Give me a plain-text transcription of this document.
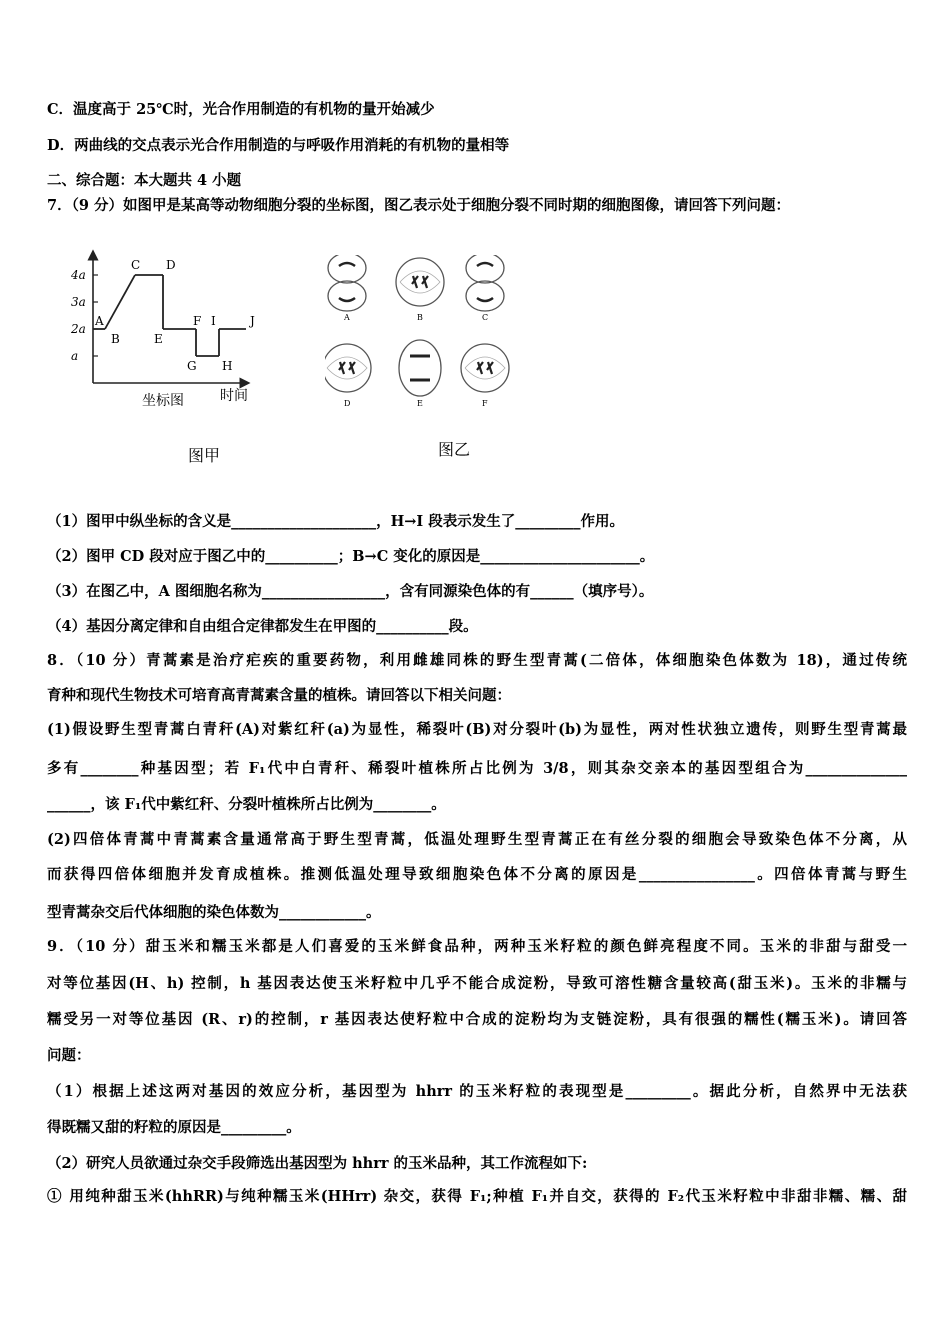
C．温度高于 25℃时，光合作用制造的有机物的量开始减少
D．两曲线的交点表示光合作用制造的与呼吸作用消耗的有机物的量相等
二、综合题：本大题共 4 小题
7．（9 分）如图甲是某高等动物细胞分裂的坐标图，图乙表示处于细胞分裂不同时期的细胞图像，请回答下列问题：
a
2a
3a
4a
A
B
C D
E
F
G H
I	J
坐标图	时间
图甲
A	B	C
D	E	F
图乙
（1）图甲中纵坐标的含义是____________________，H→I 段表示发生了_________作用。
（2）图甲 CD 段对应于图乙中的__________；B→C 变化的原因是______________________。
（3）在图乙中，A 图细胞名称为_________________，含有同源染色体的有______（填序号）。
（4）基因分离定律和自由组合定律都发生在甲图的__________段。
8．（10 分）青蒿素是治疗疟疾的重要药物，利用雌雄同株的野生型青蒿(二倍体，体细胞染色体数为 18)，通过传统
育种和现代生物技术可培育高青蒿素含量的植株。请回答以下相关问题：
(1)假设野生型青蒿白青秆(A)对紫红秆(a)为显性，稀裂叶(B)对分裂叶(b)为显性，两对性状独立遗传，则野生型青蒿最
多有________种基因型；若 F₁代中白青秆、稀裂叶植株所占比例为 3/8，则其杂交亲本的基因型组合为______________
______，该 F₁代中紫红秆、分裂叶植株所占比例为________。
(2)四倍体青蒿中青蒿素含量通常高于野生型青蒿，低温处理野生型青蒿正在有丝分裂的细胞会导致染色体不分离，从
而获得四倍体细胞并发育成植株。推测低温处理导致细胞染色体不分离的原因是________________。四倍体青蒿与野生
型青蒿杂交后代体细胞的染色体数为____________。
9．（10 分）甜玉米和糯玉米都是人们喜爱的玉米鲜食品种，两种玉米籽粒的颜色鲜亮程度不同。玉米的非甜与甜受一
对等位基因(H、h) 控制，h 基因表达使玉米籽粒中几乎不能合成淀粉，导致可溶性糖含量较高(甜玉米)。玉米的非糯与
糯受另一对等位基因 (R、r)的控制，r 基因表达使籽粒中合成的淀粉均为支链淀粉，具有很强的糯性(糯玉米)。请回答
问题：
（1）根据上述这两对基因的效应分析，基因型为 hhrr 的玉米籽粒的表现型是_________。据此分析，自然界中无法获
得既糯又甜的籽粒的原因是_________。
（2）研究人员欲通过杂交手段筛选出基因型为 hhrr 的玉米品种，其工作流程如下:
① 用纯种甜玉米(hhRR)与纯种糯玉米(HHrr) 杂交，获得 F₁;种植 F₁并自交，获得的 F₂代玉米籽粒中非甜非糯、糯、甜
